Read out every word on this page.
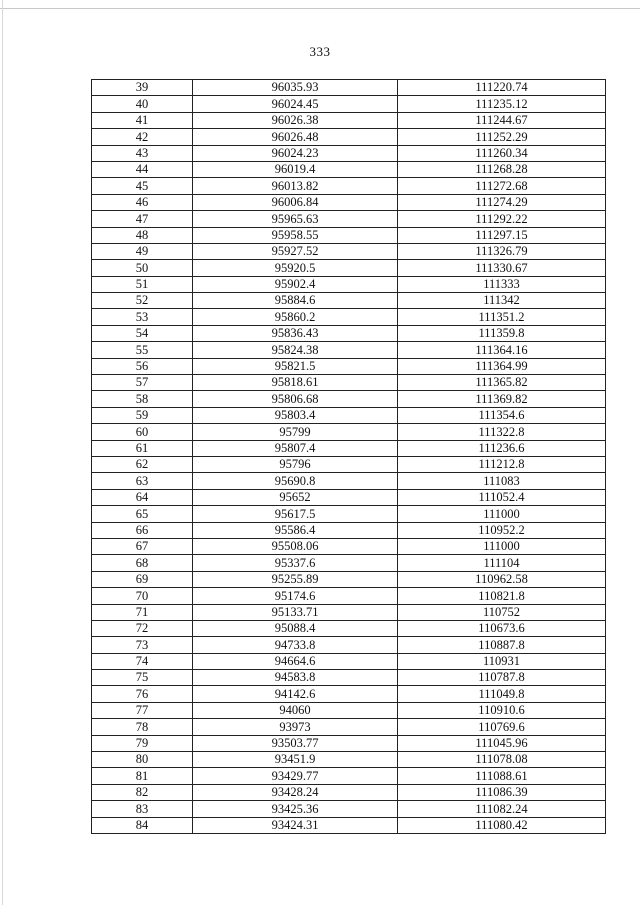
333
39	96035.93	111220.74
40	96024.45	111235.12
41	96026.38	111244.67
42	96026.48	111252.29
43	96024.23	111260.34
44	96019.4	111268.28
45	96013.82	111272.68
46	96006.84	111274.29
47	95965.63	111292.22
48	95958.55	111297.15
49	95927.52	111326.79
50	95920.5	111330.67
51	95902.4	111333
52	95884.6	111342
53	95860.2	111351.2
54	95836.43	111359.8
55	95824.38	111364.16
56	95821.5	111364.99
57	95818.61	111365.82
58	95806.68	111369.82
59	95803.4	111354.6
60	95799	111322.8
61	95807.4	111236.6
62	95796	111212.8
63	95690.8	111083
64	95652	111052.4
65	95617.5	111000
66	95586.4	110952.2
67	95508.06	111000
68	95337.6	111104
69	95255.89	110962.58
70	95174.6	110821.8
71	95133.71	110752
72	95088.4	110673.6
73	94733.8	110887.8
74	94664.6	110931
75	94583.8	110787.8
76	94142.6	111049.8
77	94060	110910.6
78	93973	110769.6
79	93503.77	111045.96
80	93451.9	111078.08
81	93429.77	111088.61
82	93428.24	111086.39
83	93425.36	111082.24
84	93424.31	111080.42
